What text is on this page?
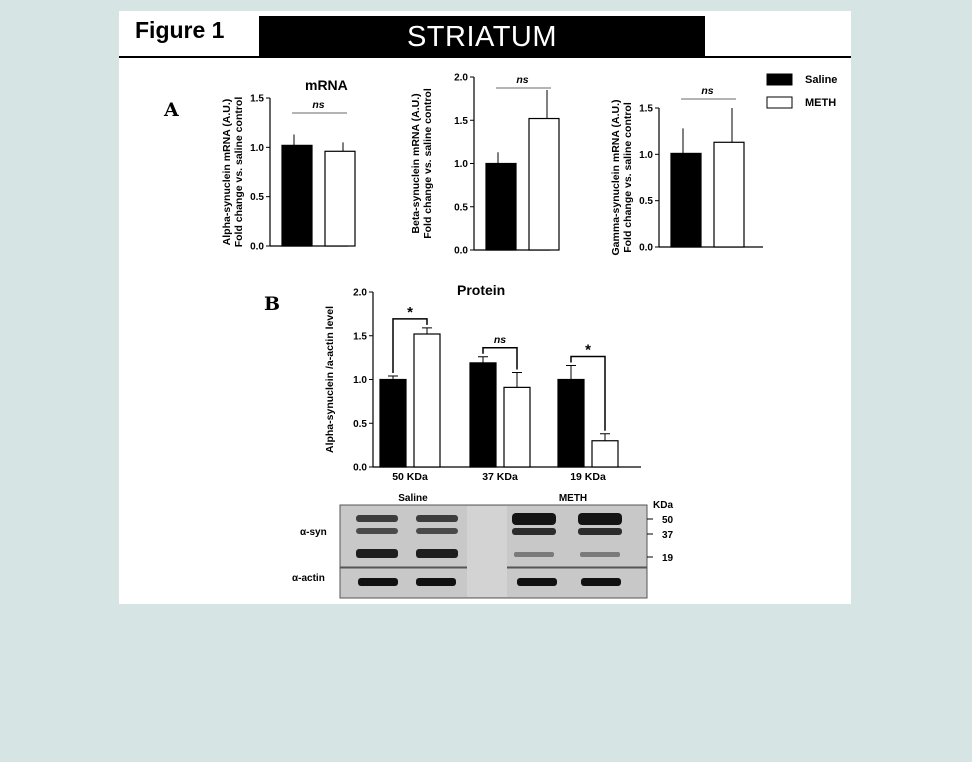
Figure 1	STRIATUM
A
B
mRNA
Protein
Saline
METH
0.0
0.5
1.0
1.5
Alpha-synuclein mRNA (A.U.)Fold change vs. saline control	ns
0.0
0.5
1.0
1.5
2.0
Beta-synuclein mRNA (A.U.)Fold change vs. saline control
ns
0.0
0.5
1.0
1.5
Gamma-synuclein mRNA (A.U.)Fold change vs. saline control
ns
0.0
0.5
1.0
1.5
2.0
Alpha-synuclein /a-actin level
50 KDa
*
37 KDa
ns
19 KDa
*
Saline	METH
KDa
α-syn
α-actin
50
37
19
